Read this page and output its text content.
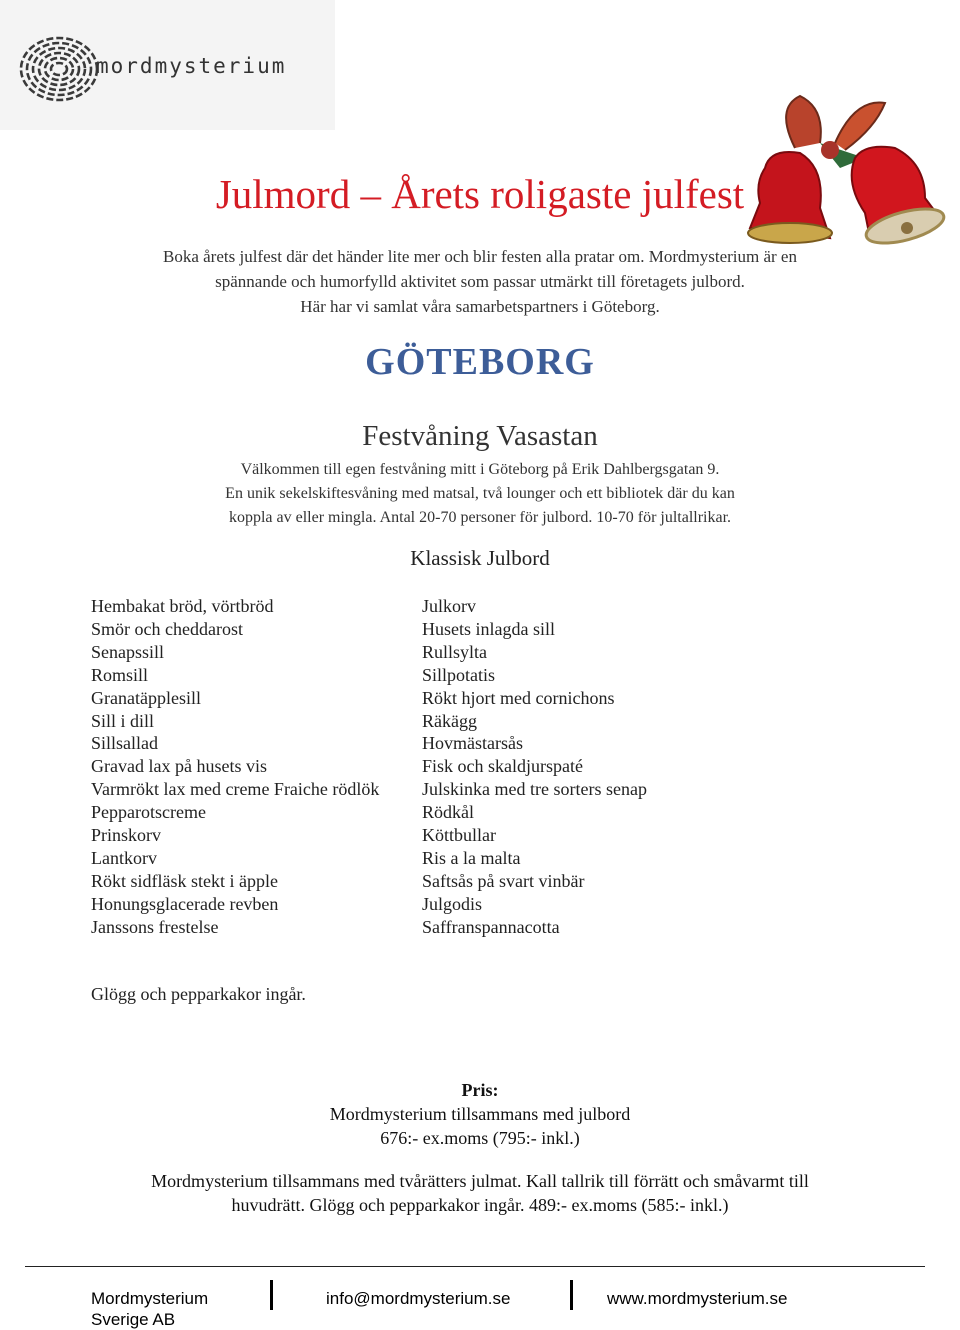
mordmysterium
Julmord – Årets roligaste julfest
Boka årets julfest där det händer lite mer och blir festen alla pratar om. Mordmysterium är en
spännande och humorfylld aktivitet som passar utmärkt till företagets julbord.
Här har vi samlat våra samarbetspartners i Göteborg.
GÖTEBORG
Festvåning Vasastan
Välkommen till egen festvåning mitt i Göteborg på Erik Dahlbergsgatan 9.
En unik sekelskiftesvåning med matsal, två lounger och ett bibliotek där du kan
koppla av eller mingla. Antal 20-70 personer för julbord. 10-70 för jultallrikar.
Klassisk Julbord
Hembakat bröd, vörtbröd
Smör och cheddarost
Senapssill
Romsill
Granatäpplesill
Sill i dill
Sillsallad
Gravad lax på husets vis
Varmrökt lax med creme Fraiche rödlök
Pepparotscreme
Prinskorv
Lantkorv
Rökt sidfläsk stekt i äpple
Honungsglacerade revben
Janssons frestelse
Julkorv
Husets inlagda sill
Rullsylta
Sillpotatis
Rökt hjort med cornichons
Räkägg
Hovmästarsås
Fisk och skaldjurspaté
Julskinka med tre sorters senap
Rödkål
Köttbullar
Ris a la malta
Saftsås på svart vinbär
Julgodis
Saffranspannacotta
Glögg och pepparkakor ingår.
Pris:
Mordmysterium tillsammans med julbord
676:- ex.moms (795:- inkl.)
Mordmysterium tillsammans med tvårätters julmat. Kall tallrik till förrätt och småvarmt till
huvudrätt. Glögg och pepparkakor ingår. 489:- ex.moms (585:- inkl.)
Mordmysterium
Sverige AB
info@mordmysterium.se	www.mordmysterium.se
